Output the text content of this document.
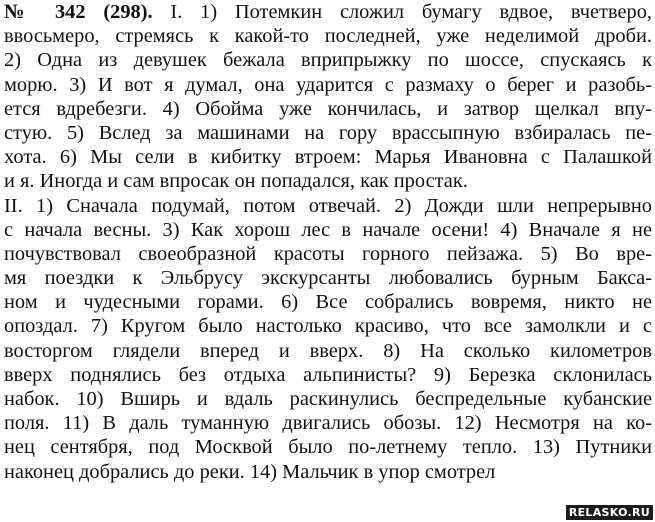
№ 342 (298). I. 1) Потемкин сложил бумагу вдвое, вчетверо,
ввосьмеро, стремясь к какой-то последней, уже неделимой дроби.
2) Одна из девушек бежала вприпрыжку по шоссе, спускаясь к
морю. 3) И вот я думал, она ударится с размаху о берег и разобь-
ется вдребезги. 4) Обойма уже кончилась, и затвор щелкал впу-
стую. 5) Вслед за машинами на гору врассыпную взбиралась пе-
хота. 6) Мы сели в кибитку втроем: Марья Ивановна с Палашкой
и я. Иногда и сам впросак он попадался, как простак.
II. 1) Сначала подумай, потом отвечай. 2) Дожди шли непрерывно
с начала весны. 3) Как хорош лес в начале осени! 4) Вначале я не
почувствовал своеобразной красоты горного пейзажа. 5) Во вре-
мя поездки к Эльбрусу экскурсанты любовались бурным Баксa-
ном и чудесными горами. 6) Все собрались вовремя, никто не
опоздал. 7) Кругом было настолько красиво, что все замолкли и с
восторгом глядели вперед и вверх. 8) На сколько километров
вверх поднялись без отдыха альпинисты? 9) Березка склонилась
набок. 10) Вширь и вдаль раскинулись беспредельные кубанские
поля. 11) В даль туманную двигались обозы. 12) Несмотря на ко-
нец сентября, под Москвой было по-летнему тепло. 13) Путники
наконец добрались до реки. 14) Мальчик в упор смотрел
RELASKO.RU
